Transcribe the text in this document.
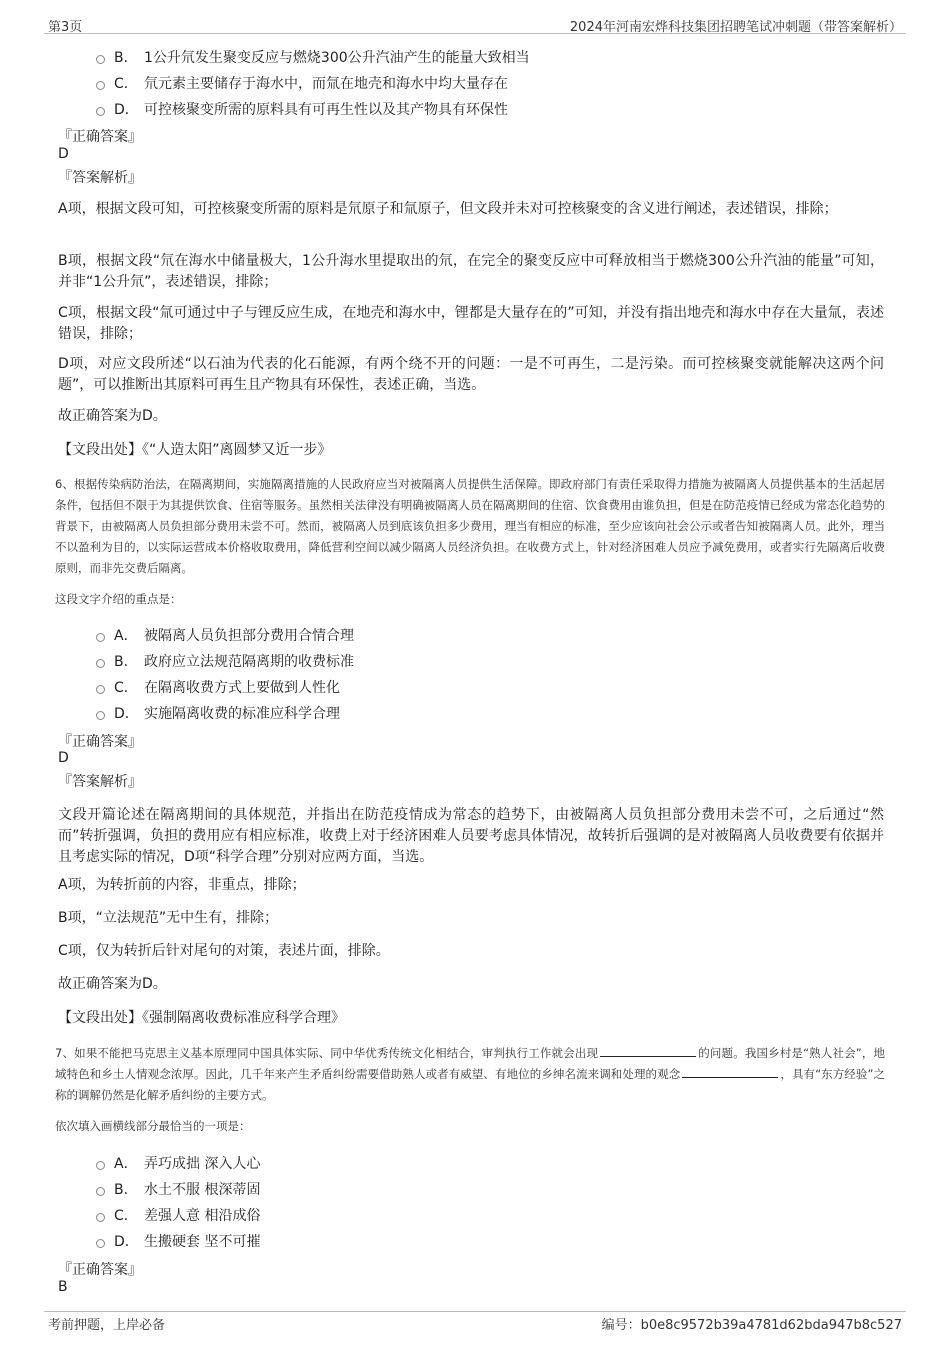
第3页	2024年河南宏烨科技集团招聘笔试冲刺题（带答案解析）
B． 1公升氘发生聚变反应与燃烧300公升汽油产生的能量大致相当
C． 氘元素主要储存于海水中，而氚在地壳和海水中均大量存在
D． 可控核聚变所需的原料具有可再生性以及其产物具有环保性
『正确答案』
D
『答案解析』
A项，根据文段可知，可控核聚变所需的原料是氘原子和氚原子，但文段并未对可控核聚变的含义进行阐述，表述错误，排除；
B项，根据文段“氘在海水中储量极大，1公升海水里提取出的氘，在完全的聚变反应中可释放相当于燃烧300公升汽油的能量”可知，并非“1公升氘”，表述错误，排除；
C项，根据文段“氚可通过中子与锂反应生成，在地壳和海水中，锂都是大量存在的”可知，并没有指出地壳和海水中存在大量氚，表述错误，排除；
D项，对应文段所述“以石油为代表的化石能源，有两个绕不开的问题：一是不可再生，二是污染。而可控核聚变就能解决这两个问题”，可以推断出其原料可再生且产物具有环保性，表述正确，当选。
故正确答案为D。
【文段出处】《“人造太阳”离圆梦又近一步》
6、根据传染病防治法，在隔离期间，实施隔离措施的人民政府应当对被隔离人员提供生活保障。即政府部门有责任采取得力措施为被隔离人员提供基本的生活起居条件，包括但不限于为其提供饮食、住宿等服务。虽然相关法律没有明确被隔离人员在隔离期间的住宿、饮食费用由谁负担，但是在防范疫情已经成为常态化趋势的背景下，由被隔离人员负担部分费用未尝不可。然而，被隔离人员到底该负担多少费用，理当有相应的标准，至少应该向社会公示或者告知被隔离人员。此外，理当不以盈利为目的，以实际运营成本价格收取费用，降低营利空间以减少隔离人员经济负担。在收费方式上，针对经济困难人员应予减免费用，或者实行先隔离后收费原则，而非先交费后隔离。
这段文字介绍的重点是：
A． 被隔离人员负担部分费用合情合理
B． 政府应立法规范隔离期的收费标准
C． 在隔离收费方式上要做到人性化
D． 实施隔离收费的标准应科学合理
『正确答案』
D
『答案解析』
文段开篇论述在隔离期间的具体规范，并指出在防范疫情成为常态的趋势下，由被隔离人员负担部分费用未尝不可，之后通过“然而”转折强调，负担的费用应有相应标准，收费上对于经济困难人员要考虑具体情况，故转折后强调的是对被隔离人员收费要有依据并且考虑实际的情况，D项“科学合理”分别对应两方面，当选。
A项，为转折前的内容，非重点，排除；
B项，“立法规范”无中生有，排除；
C项，仅为转折后针对尾句的对策，表述片面，排除。
故正确答案为D。
【文段出处】《强制隔离收费标准应科学合理》
7、如果不能把马克思主义基本原理同中国具体实际、同中华优秀传统文化相结合，审判执行工作就会出现	的问题。我国乡村是“熟人社会”，地域特色和乡土人情观念浓厚。因此，几千年来产生矛盾纠纷需要借助熟人或者有威望、有地位的乡绅名流来调和处理的观念	，具有“东方经验”之称的调解仍然是化解矛盾纠纷的主要方式。
依次填入画横线部分最恰当的一项是：
A． 弄巧成拙 深入人心
B． 水土不服 根深蒂固
C． 差强人意 相沿成俗
D． 生搬硬套 坚不可摧
『正确答案』
B
考前押题，上岸必备	编号：b0e8c9572b39a4781d62bda947b8c527
